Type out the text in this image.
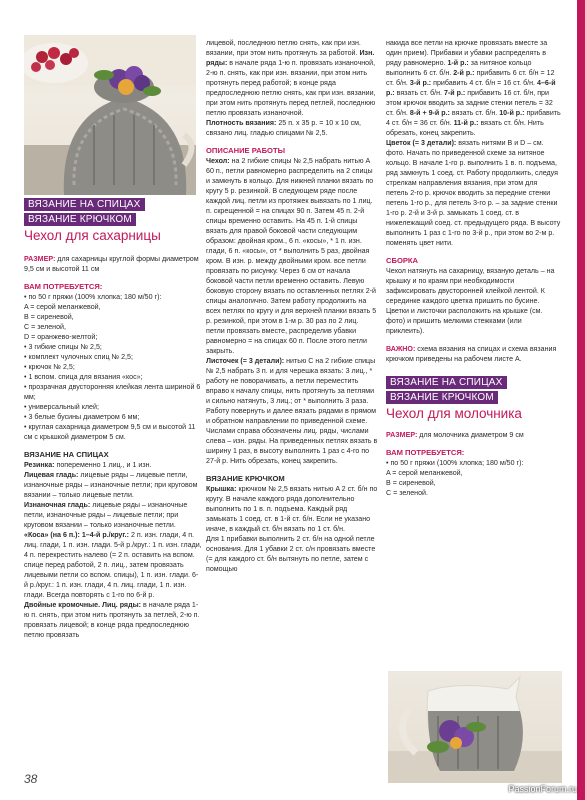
ВЯЗАНИЕ НА СПИЦАХ
ВЯЗАНИЕ КРЮЧКОМ
Чехол для сахарницы

РАЗМЕР: для сахарницы круглой формы диаметром 9,5 см и высотой 11 см

ВАМ ПОТРЕБУЕТСЯ:

• по 50 г пряжи (100% хлопка; 180 м/50 г):

A = серой меланжевой,

B = сиреневой,

C = зеленой,

D = оранжево-желтой;

• 3 гибкие спицы № 2,5;

• комплект чулочных спиц № 2,5;

• крючок № 2,5;

• 1 вспом. спица для вязания «кос»;

• прозрачная двусторонняя клейкая лента шириной 6 мм;

• универсальный клей;

• 3 белые бусины диаметром 6 мм;

• круглая сахарница диаметром 9,5 см и высотой 11 см с крышкой диаметром 5 см.

ВЯЗАНИЕ НА СПИЦАХ

Резинка: попеременно 1 лиц., и 1 изн.

Лицевая гладь: лицевые ряды – лицевые петли, изнаночные ряды – изнаночные петли; при круговом вязании – только лицевые петли.

Изнаночная гладь: лицевые ряды – изнаночные петли, изнаночные ряды – лицевые петли; при круговом вязании – только изнаночные петли.

«Коса» (на 6 п.): 1–4-й р./круг.: 2 п. изн. глади, 4 п. лиц. глади, 1 п. изн. глади. 5-й р./круг.: 1 п. изн. глади, 4 п. перекрестить налево (= 2 п. оставить на вспом. спице перед работой, 2 п. лиц., затем провязать лицевыми петли со вспом. спицы), 1 п. изн. глади. 6-й р./круг.: 1 п. изн. глади, 4 п. лиц. глади, 1 п. изн. глади. Всегда повторять с 1-го по 6-й р.

Двойные кромочные. Лиц. ряды: в начале ряда 1-ю п. снять, при этом нить протянуть за петлей, 2-ю п. провязать лицевой; в конце ряда предпоследнюю петлю провязать

лицевой, последнюю петлю снять, как при изн. вязании, при этом нить протянуть за работой. Изн. ряды: в начале ряда 1-ю п. провязать изнаночной, 2-ю п. снять, как при изн. вязании, при этом нить протянуть перед работой; в конце ряда предпоследнюю петлю снять, как при изн. вязании, при этом нить протянуть перед петлей, последнюю петлю провязать изнаночной.

Плотность вязания: 25 п. х 35 р. = 10 х 10 см, связано лиц. гладью спицами № 2,5.

ОПИСАНИЕ РАБОТЫ

Чехол: на 2 гибкие спицы № 2,5 набрать нитью A 60 п., петли равномерно распределить на 2 спицы и замкнуть в кольцо. Для нижней планки вязать по кругу 5 р. резинкой. В следующем ряде после каждой лиц. петли из протяжек вывязать по 1 лиц. п. скрещенной = на спицах 90 п. Затем 45 п. 2-й спицы временно оставить. На 45 п. 1-й спицы вязать для правой боковой части следующим образом: двойная кром., 6 п. «косы», * 1 п. изн. глади, 6 п. «косы», от * выполнить 5 раз, двойная кром. В изн. р. между двойными кром. все петли провязать по рисунку. Через 6 см от начала боковой части петли временно оставить. Левую боковую сторону вязать по оставленных петлях 2-й спицы аналогично. Затем работу продолжить на всех петлях по кругу и для верхней планки вязать 5 р. резинкой, при этом в 1-м р. 30 раз по 2 лиц. петли провязать вместе, распределив убавки равномерно = на спицах 60 п. После этого петли закрыть.

Листочек (= 3 детали): нитью C на 2 гибкие спицы № 2,5 набрать 3 п. и для черешка вязать: 3 лиц., * работу не поворачивать, а петли переместить вправо к началу спицы, нить протянуть за петлями и сильно натянуть, 3 лиц.; от * выполнить 3 раза. Работу повернуть и далее вязать рядами в прямом и обратном направлении по приведенной схеме. Числами справа обозначены лиц. ряды, числами слева – изн. ряды. На приведенных петлях вязать в ширину 1 раз, в высоту выполнить 1 раз с 4-го по 27-й р. Нить обрезать, конец закрепить.

ВЯЗАНИЕ КРЮЧКОМ

Крышка: крючком № 2,5 вязать нитью A 2 ст. б/н по кругу. В начале каждого ряда дополнительно выполнить по 1 в. п. подъема. Каждый ряд замыкать 1 соед. ст. в 1-й ст. б/н. Если не указано иначе, в каждый ст. б/н вязать по 1 ст. б/н.

Для 1 прибавки выполнить 2 ст. б/н на одной петле основания. Для 1 убавки 2 ст. с/н провязать вместе (= для каждого ст. б/н вытянуть по петле, затем с помощью

накида все петли на крючке провязать вместе за один прием). Прибавки и убавки распределять в ряду равномерно. 1-й р.: за нитяное кольцо выполнить 6 ст. б/н. 2-й р.: прибавить 6 ст. б/н = 12 ст. б/н. 3-й р.: прибавить 4 ст. б/н = 16 ст. б/н. 4–6-й р.: вязать ст. б/н. 7-й р.: прибавить 16 ст. б/н, при этом крючок вводить за задние стенки петель = 32 ст. б/н. 8-й + 9-й р.: вязать ст. б/н. 10-й р.: прибавить 4 ст. б/н = 36 ст. б/н. 11-й р.: вязать ст. б/н. Нить обрезать, конец закрепить.

Цветок (= 3 детали): вязать нитями B и D – см. фото. Начать по приведенной схеме за нитяное кольцо. В начале 1-го р. выполнить 1 в. п. подъема, ряд замкнуть 1 соед. ст. Работу продолжить, следуя стрелкам направления вязания, при этом для петель 2-го р. крючок вводить за передние стенки петель 1-го р., для петель 3-го р. – за задние стенки 1-го р. 2-й и 3-й р. замыкать 1 соед. ст. в нижележащий соед. ст. предыдущего ряда. В высоту выполнить 1 раз с 1-го по 3-й р., при этом во 2-м р. поменять цвет нити.

СБОРКА

Чехол натянуть на сахарницу, вязаную деталь – на крышку и по краям при необходимости зафиксировать двусторонней клейкой лентой. К серединке каждого цветка пришить по бусине. Цветки и листочки расположить на крышке (см. фото) и пришить мелкими стежками (или приклеить).

ВАЖНО: схема вязания на спицах и схема вязания крючком приведены на рабочем листе А.

ВЯЗАНИЕ НА СПИЦАХ
ВЯЗАНИЕ КРЮЧКОМ
Чехол для молочника

РАЗМЕР: для молочника диаметром 9 см

ВАМ ПОТРЕБУЕТСЯ:

• по 50 г пряжи (100% хлопка; 180 м/50 г):

A = серой меланжевой,

B = сиреневой,

C = зеленой.

38
PassionForum.ru
